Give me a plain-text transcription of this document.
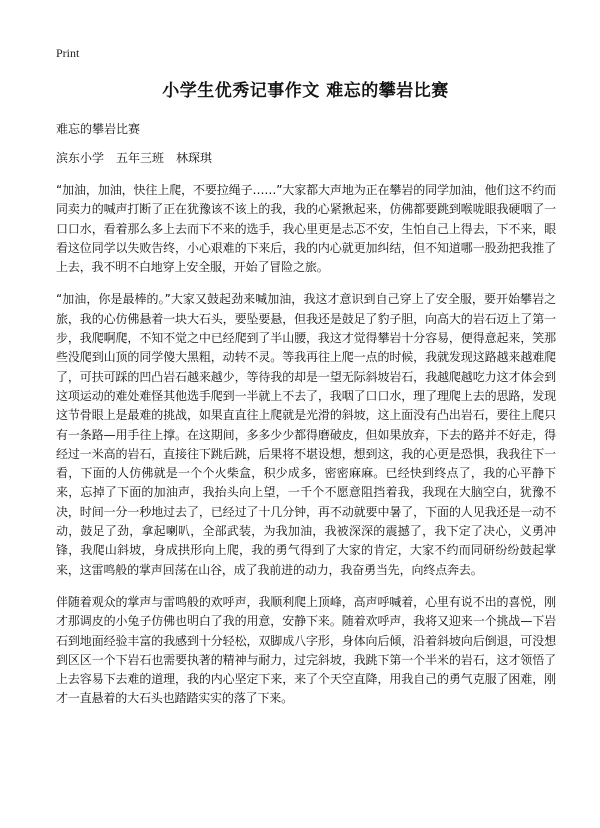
Print
小学生优秀记事作文 难忘的攀岩比赛
难忘的攀岩比赛
滨东小学　五年三班　林琛琪

“加油，加油，快往上爬，不要拉绳子……”大家都大声地为正在攀岩的同学加油，他们这不约而同卖力的喊声打断了正在犹豫该不该上的我，我的心紧揪起来，仿佛都要跳到喉咙眼我硬咽了一口口水，看着那么多上去而下不来的选手，我心里更是忐忑不安，生怕自己上得去，下不来，眼看这位同学以失败告终，小心艰难的下来后，我的内心就更加纠结，但不知道哪一股劲把我推了上去，我不明不白地穿上安全服，开始了冒险之旅。

“加油，你是最棒的。”大家又鼓起劲来喊加油，我这才意识到自己穿上了安全服，要开始攀岩之旅，我的心仿佛悬着一块大石头，要坠要悬，但我还是鼓足了豹子胆，向高大的岩石迈上了第一步，我爬啊爬，不知不觉之中已经爬到了半山腰，我这才觉得攀岩十分容易，便得意起来，笑那些没爬到山顶的同学傻大黑粗，动转不灵。等我再往上爬一点的时候，我就发现这路越来越难爬了，可扶可踩的凹凸岩石越来越少，等待我的却是一望无际斜坡岩石，我越爬越吃力这才体会到这项运动的难处难怪其他选手爬到一半就上不去了，我咽了口口水，理了理爬上去的思路，发现这节骨眼上是最难的挑战，如果直直往上爬就是光滑的斜坡，这上面没有凸出岩石，要往上爬只有一条路—用手往上撑。在这期间，多多少少都得磨破皮，但如果放弃，下去的路并不好走，得经过一米高的岩石，直接往下跳后跳，后果将不堪设想，想到这，我的心更是恐惧，我我往下一看，下面的人仿佛就是一个个火柴盒，积少成多，密密麻麻。已经快到终点了，我的心平静下来，忘掉了下面的加油声，我抬头向上望，一千个不愿意阻挡着我，我现在大脑空白，犹豫不决，时间一分一秒地过去了，已经过了十几分钟，再不动就要中暑了，下面的人见我还是一动不动，鼓足了劲，拿起喇叭，全部武装，为我加油，我被深深的震撼了，我下定了决心，义勇冲锋，我爬山斜坡，身成拱形向上爬，我的勇气得到了大家的肯定，大家不约而同研纷纷鼓起掌来，这雷鸣般的掌声回荡在山谷，成了我前进的动力，我奋勇当先，向终点奔去。

伴随着观众的掌声与雷鸣般的欢呼声，我顺利爬上顶峰，高声呼喊着，心里有说不出的喜悦，刚才那调皮的小兔子仿佛也明白了我的用意，安静下来。随着欢呼声，我将又迎来一个挑战—下岩石到地面经验丰富的我感到十分轻松，双脚成八字形，身体向后倾，沿着斜坡向后倒退，可没想到区区一个下岩石也需要执著的精神与耐力，过完斜坡，我跳下第一个半米的岩石，这才领悟了上去容易下去难的道理，我的内心坚定下来，来了个天空直降，用我自己的勇气克服了困难，刚才一直悬着的大石头也踏踏实实的落了下来。
